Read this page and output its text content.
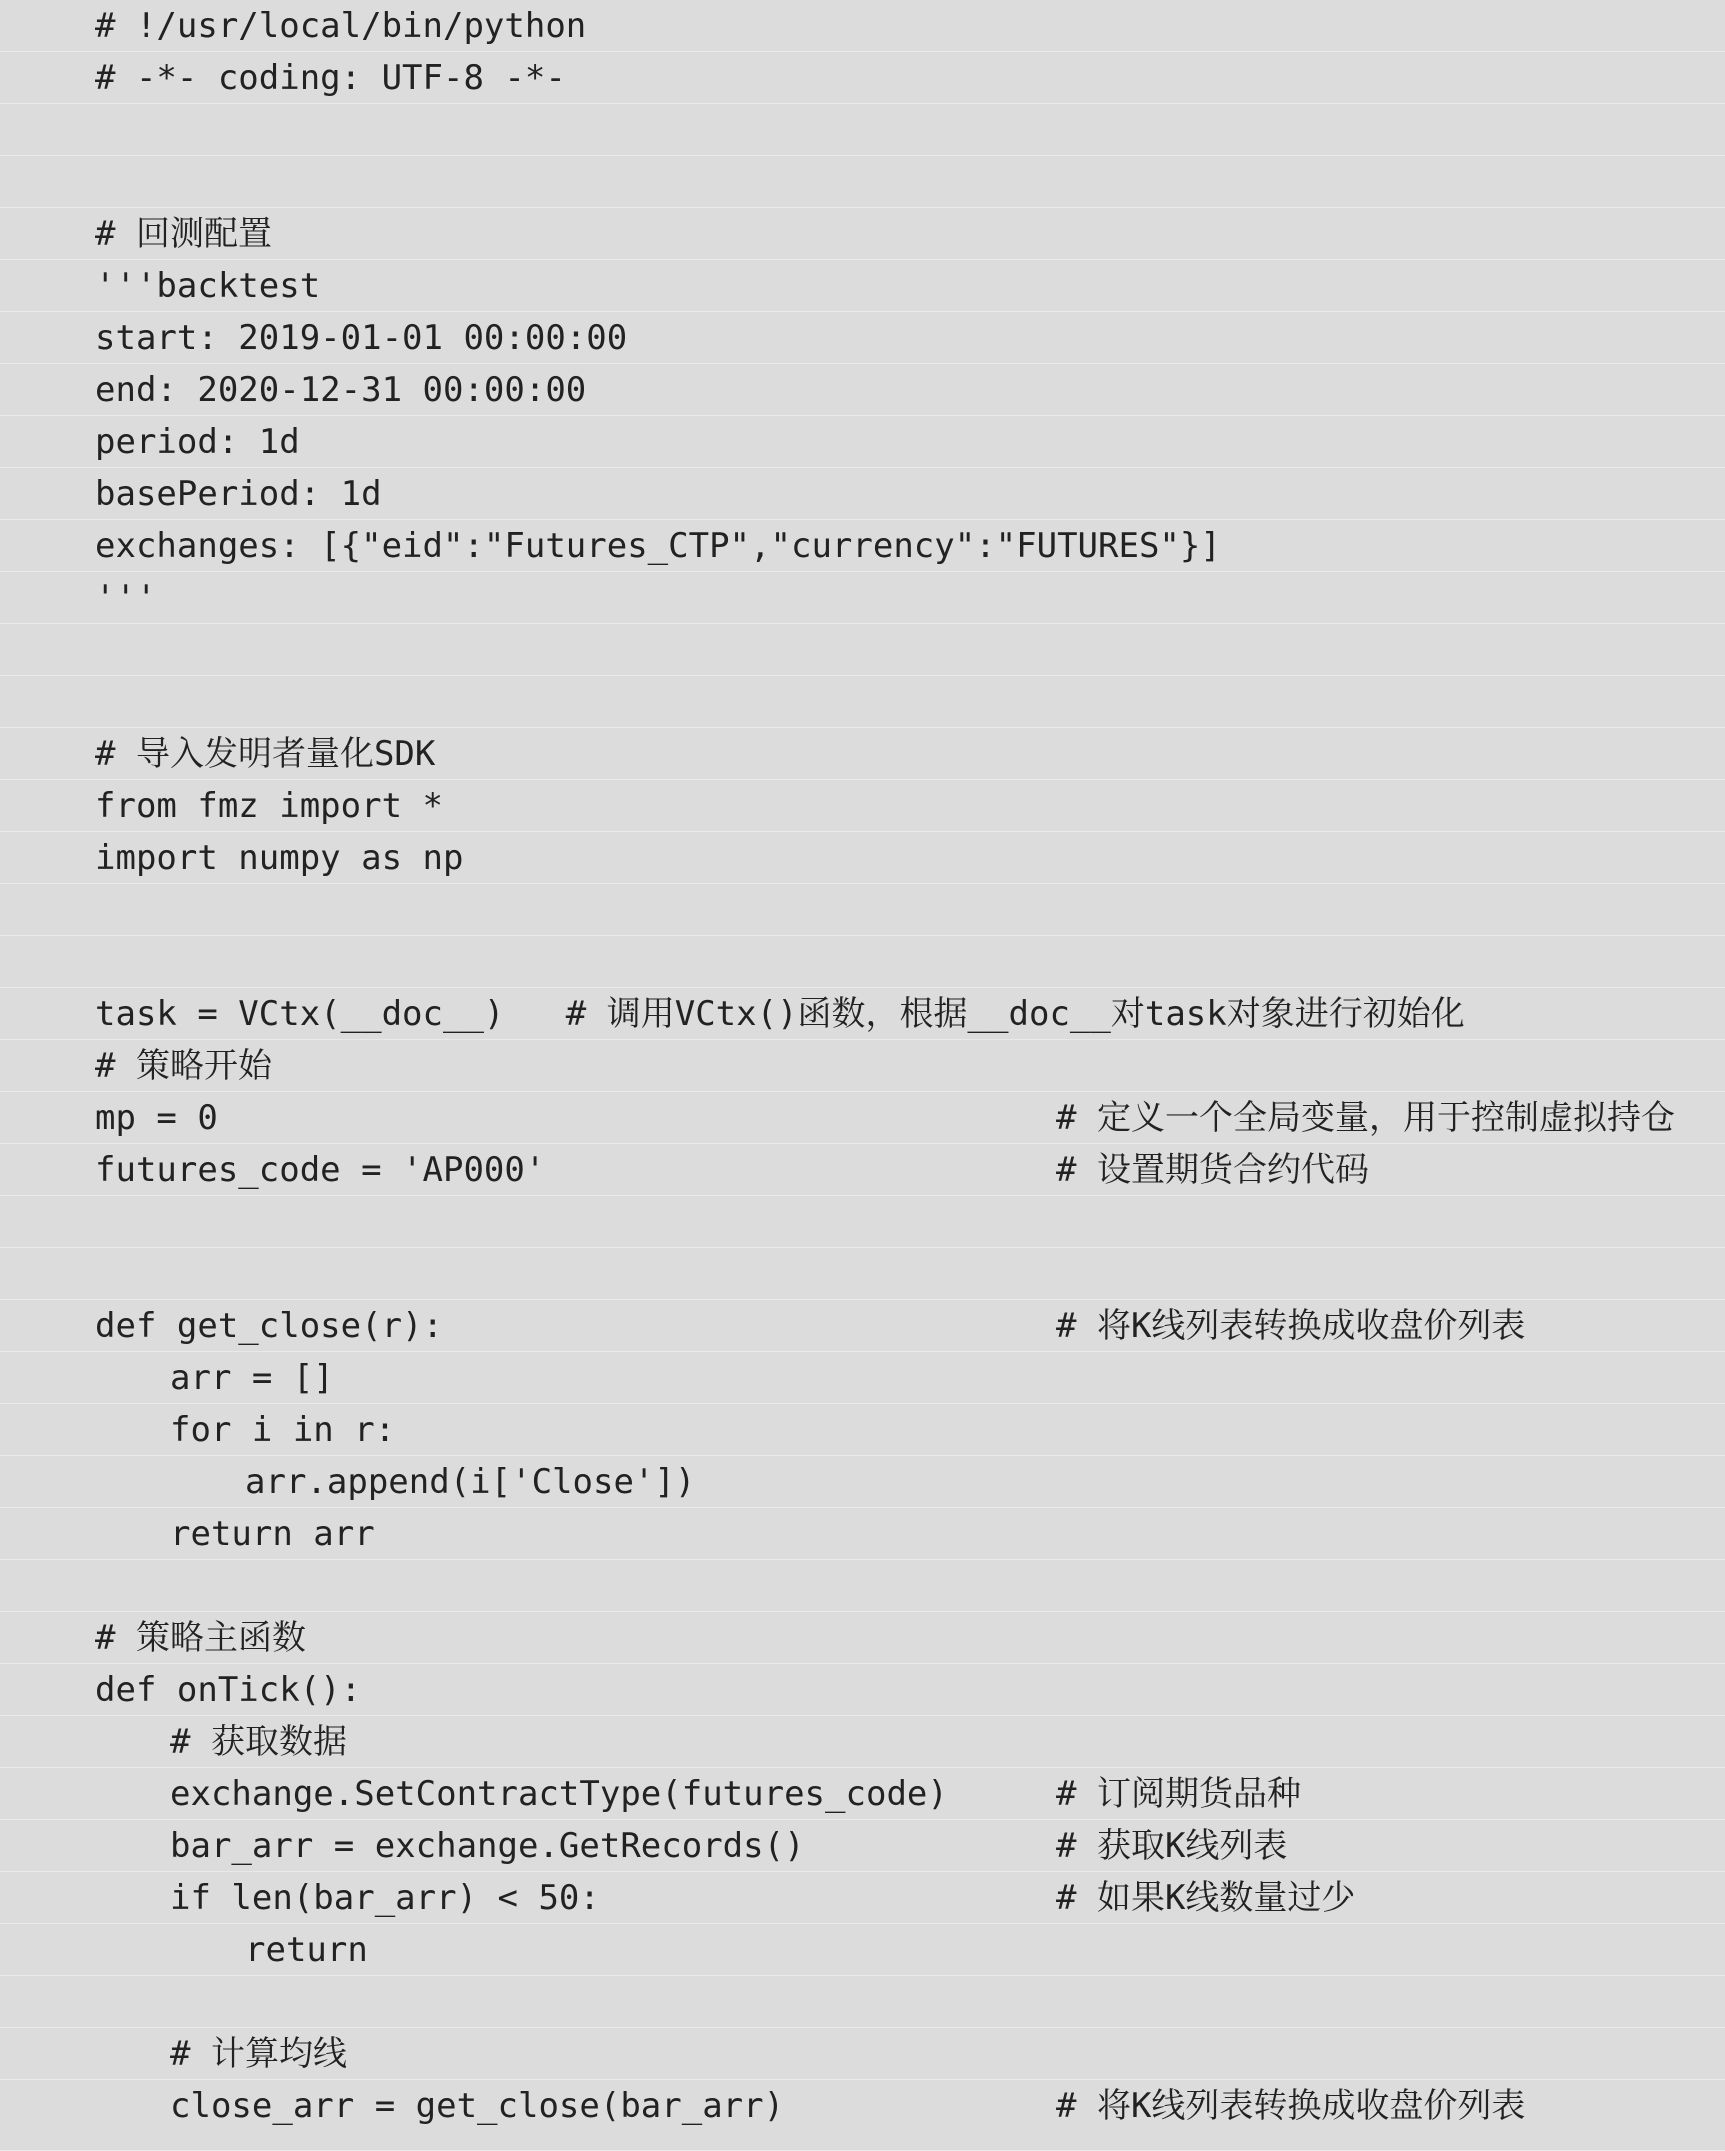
# !/usr/local/bin/python
# -*- coding: UTF-8 -*-
# 回测配置
'''backtest
start: 2019-01-01 00:00:00
end: 2020-12-31 00:00:00
period: 1d
basePeriod: 1d
exchanges: [{"eid":"Futures_CTP","currency":"FUTURES"}]
'''
# 导入发明者量化SDK
from fmz import *
import numpy as np
task = VCtx(__doc__)   # 调用VCtx()函数，根据__doc__对task对象进行初始化
# 策略开始
mp = 0	# 定义一个全局变量，用于控制虚拟持仓
futures_code = 'AP000'	# 设置期货合约代码
def get_close(r):	# 将K线列表转换成收盘价列表
arr = []
for i in r:
arr.append(i['Close'])
return arr
# 策略主函数
def onTick():
# 获取数据
exchange.SetContractType(futures_code)	# 订阅期货品种
bar_arr = exchange.GetRecords()	# 获取K线列表
if len(bar_arr) < 50:	# 如果K线数量过少
return
# 计算均线
close_arr = get_close(bar_arr)	# 将K线列表转换成收盘价列表
